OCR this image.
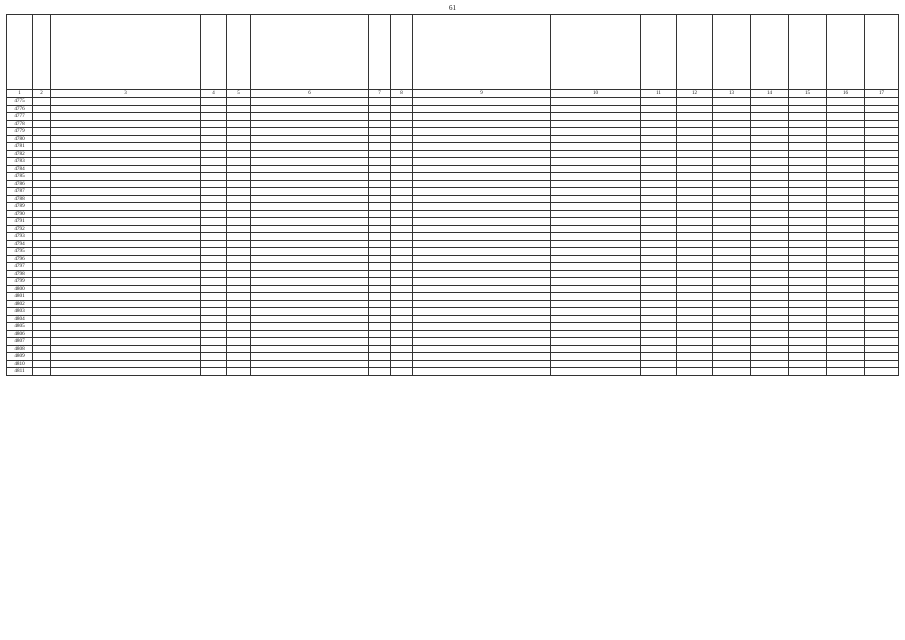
61

1	2	3	4	5	6	7	8	9	10	11	12	13	14	15	16	17
4775																
4776																
4777																
4778																
4779																
4780																
4781																
4782																
4783																
4784																
4785																
4786																
4787																
4788																
4789																
4790																
4791																
4792																
4793																
4794																
4795																
4796																
4797																
4798																
4799																
4800																
4801																
4802																
4803																
4804																
4805																
4806																
4807																
4808																
4809																
4810																
4811																
